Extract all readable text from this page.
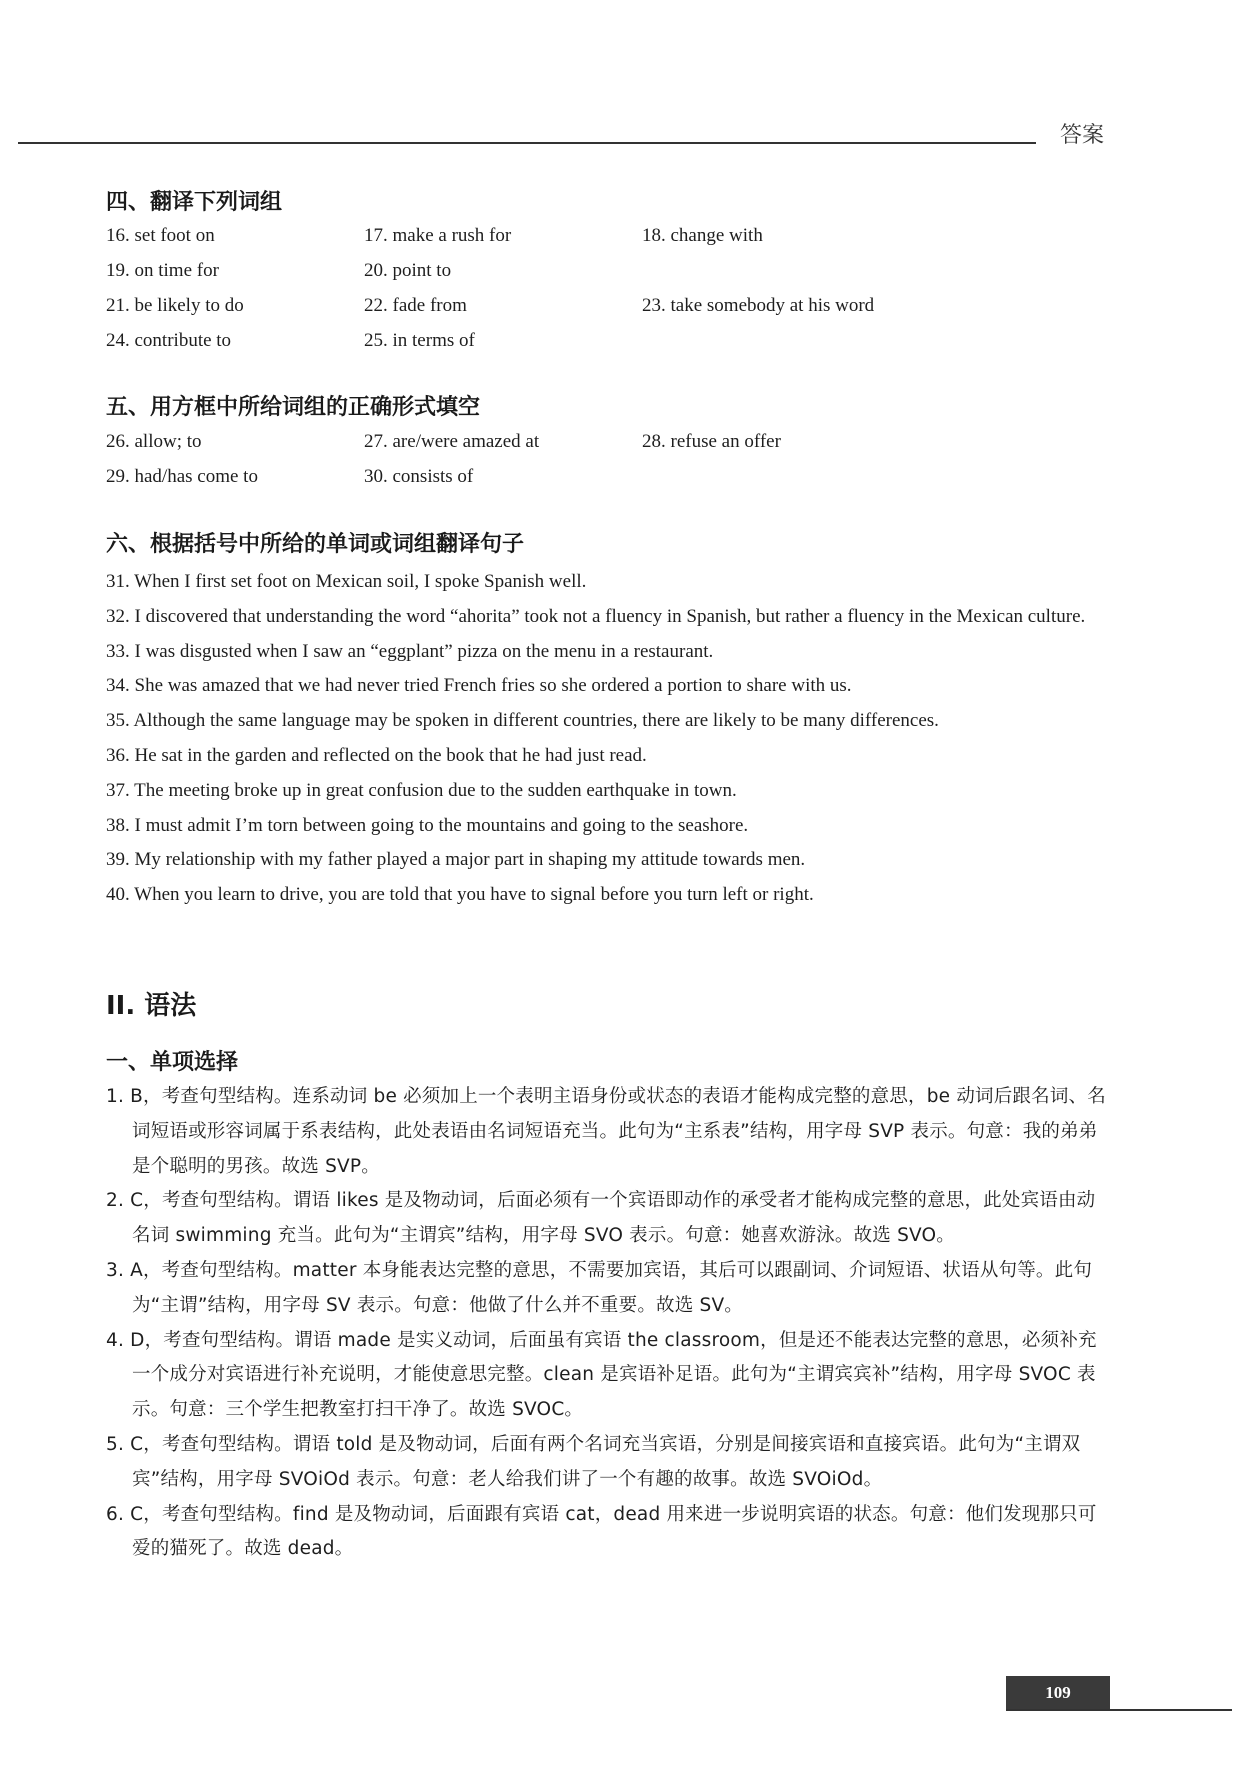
答案
四、翻译下列词组
16. set foot on	17. make a rush for	18. change with
19. on time for	20. point to
21. be likely to do	22. fade from	23. take somebody at his word
24. contribute to	25. in terms of
五、用方框中所给词组的正确形式填空
26. allow; to	27. are/were amazed at	28. refuse an offer
29. had/has come to	30. consists of
六、根据括号中所给的单词或词组翻译句子
31. When I first set foot on Mexican soil, I spoke Spanish well.
32. I discovered that understanding the word “ahorita” took not a fluency in Spanish, but rather a fluency in the Mexican culture.
33. I was disgusted when I saw an “eggplant” pizza on the menu in a restaurant.
34. She was amazed that we had never tried French fries so she ordered a portion to share with us.
35. Although the same language may be spoken in different countries, there are likely to be many differences.
36. He sat in the garden and reflected on the book that he had just read.
37. The meeting broke up in great confusion due to the sudden earthquake in town.
38. I must admit I’m torn between going to the mountains and going to the seashore.
39. My relationship with my father played a major part in shaping my attitude towards men.
40. When you learn to drive, you are told that you have to signal before you turn left or right.
II. 语法
一、单项选择
1. B，考查句型结构。连系动词 be 必须加上一个表明主语身份或状态的表语才能构成完整的意思，be 动词后跟名词、名词短语或形容词属于系表结构，此处表语由名词短语充当。此句为“主系表”结构，用字母 SVP 表示。句意：我的弟弟是个聪明的男孩。故选 SVP。
2. C，考查句型结构。谓语 likes 是及物动词，后面必须有一个宾语即动作的承受者才能构成完整的意思，此处宾语由动名词 swimming 充当。此句为“主谓宾”结构，用字母 SVO 表示。句意：她喜欢游泳。故选 SVO。
3. A，考查句型结构。matter 本身能表达完整的意思，不需要加宾语，其后可以跟副词、介词短语、状语从句等。此句为“主谓”结构，用字母 SV 表示。句意：他做了什么并不重要。故选 SV。
4. D，考查句型结构。谓语 made 是实义动词，后面虽有宾语 the classroom，但是还不能表达完整的意思，必须补充一个成分对宾语进行补充说明，才能使意思完整。clean 是宾语补足语。此句为“主谓宾宾补”结构，用字母 SVOC 表示。句意：三个学生把教室打扫干净了。故选 SVOC。
5. C，考查句型结构。谓语 told 是及物动词，后面有两个名词充当宾语，分别是间接宾语和直接宾语。此句为“主谓双宾”结构，用字母 SVOiOd 表示。句意：老人给我们讲了一个有趣的故事。故选 SVOiOd。
6. C，考查句型结构。find 是及物动词，后面跟有宾语 cat，dead 用来进一步说明宾语的状态。句意：他们发现那只可爱的猫死了。故选 dead。
109
